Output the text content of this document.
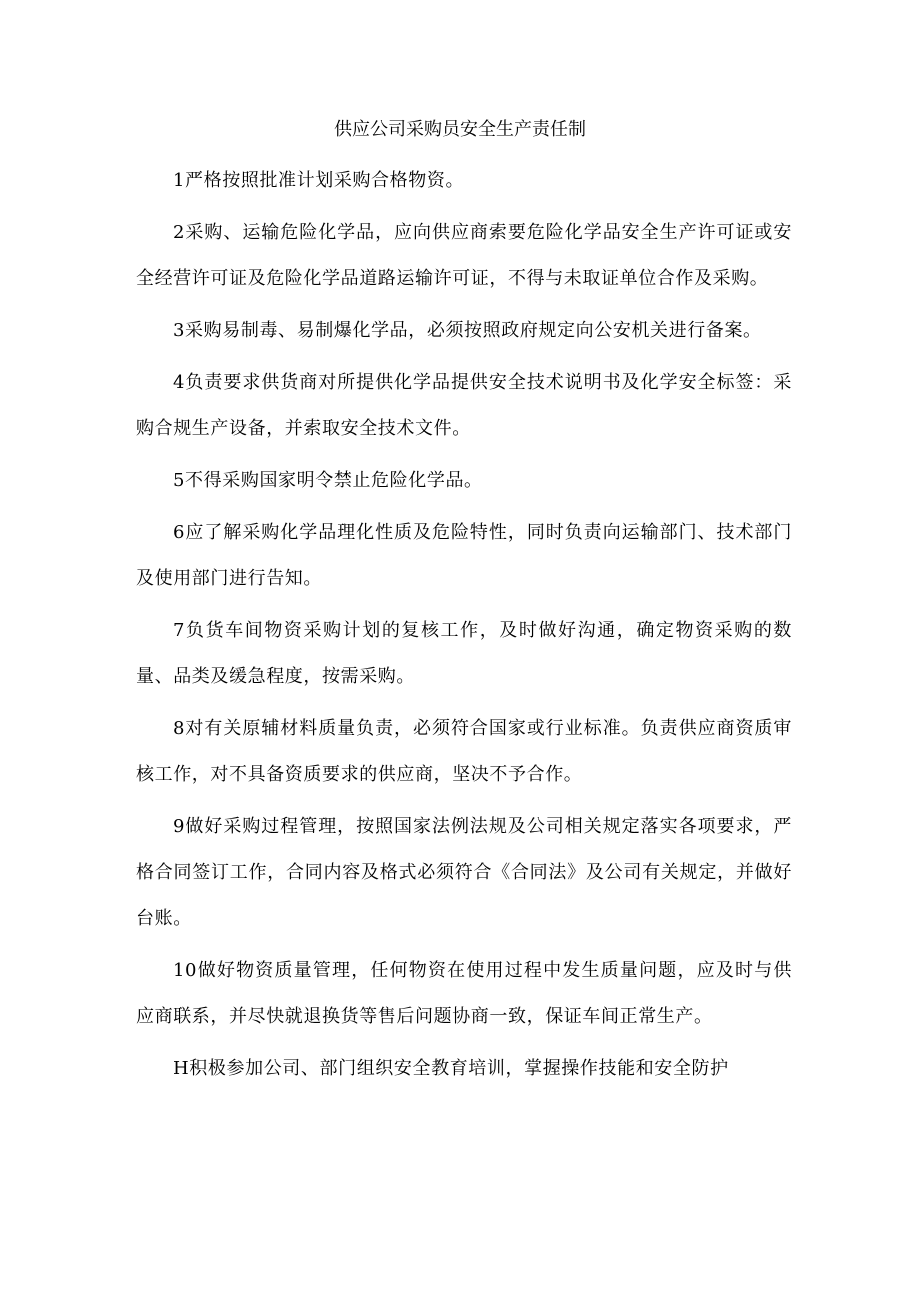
供应公司采购员安全生产责任制

1严格按照批准计划采购合格物资。

2采购、运输危险化学品，应向供应商索要危险化学品安全生产许可证或安全经营许可证及危险化学品道路运输许可证，不得与未取证单位合作及采购。

3采购易制毒、易制爆化学品，必须按照政府规定向公安机关进行备案。

4负责要求供货商对所提供化学品提供安全技术说明书及化学安全标签：采购合规生产设备，并索取安全技术文件。

5不得采购国家明令禁止危险化学品。

6应了解采购化学品理化性质及危险特性，同时负责向运输部门、技术部门及使用部门进行告知。

7负货车间物资采购计划的复核工作，及时做好沟通，确定物资采购的数量、品类及缓急程度，按需采购。

8对有关原辅材料质量负责，必须符合国家或行业标准。负责供应商资质审核工作，对不具备资质要求的供应商，坚决不予合作。

9做好采购过程管理，按照国家法例法规及公司相关规定落实各项要求，严格合同签订工作，合同内容及格式必须符合《合同法》及公司有关规定，并做好台账。

10做好物资质量管理，任何物资在使用过程中发生质量问题，应及时与供应商联系，并尽快就退换货等售后问题协商一致，保证车间正常生产。

H积极参加公司、部门组织安全教育培训，掌握操作技能和安全防护
